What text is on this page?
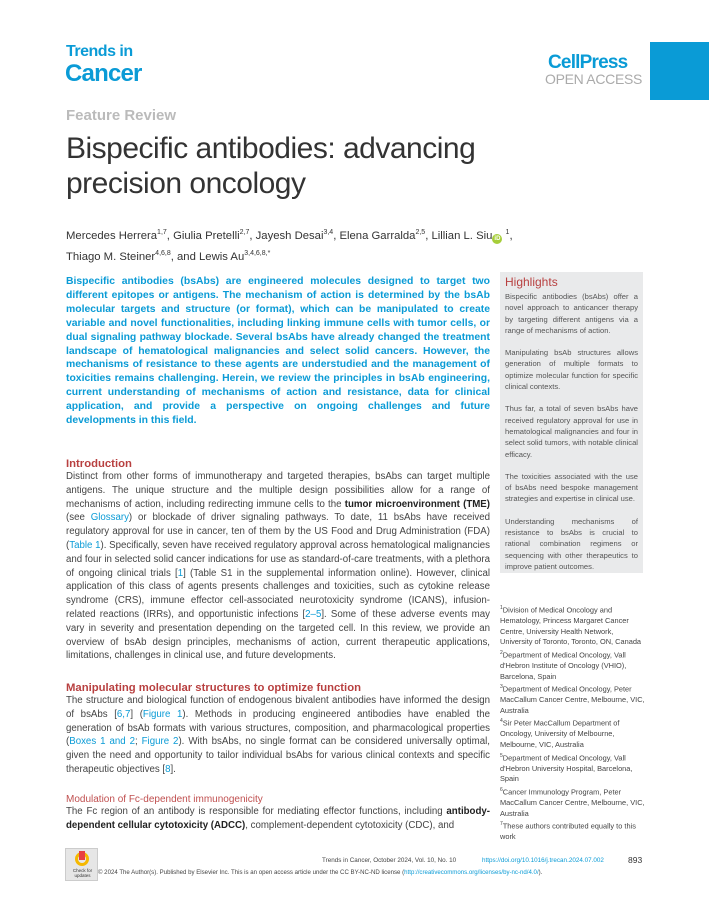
Trends in
Cancer	CellPress
OPEN ACCESS
Feature Review
Bispecific antibodies: advancing precision oncology
Mercedes Herrera$^{1,7}$, Giulia Pretelli$^{2,7}$, Jayesh Desai$^{3,4}$, Elena Garralda$^{2,5}$, Lillian L. Siu iD $^1$,
Thiago M. Steiner$^{4,6,8}$, and Lewis $Au^{3,4,6,8,*}$
Bispecific antibodies (bsAbs) are engineered molecules designed to target two different epitopes or antigens. The mechanism of action is determined by the bsAb molecular targets and structure (or format), which can be manipulated to create variable and novel functionalities, including linking immune cells with tumor cells, or dual signaling pathway blockade. Several bsAbs have already changed the treatment landscape of hematological malignancies and select solid cancers. However, the mechanisms of resistance to these agents are understudied and the management of toxicities remains challenging. Herein, we review the principles in bsAb engineering, current understanding of mechanisms of action and resistance, data for clinical application, and provide a perspective on ongoing challenges and future developments in this field.
Introduction

Distinct from other forms of immunotherapy and targeted therapies, bsAbs can target multiple antigens. The unique structure and the multiple design possibilities allow for a range of mechanisms of action, including redirecting immune cells to the tumor microenvironment (TME) (see Glossary) or blockade of driver signaling pathways. To date, 11 bsAbs have received regulatory approval for use in cancer, ten of them by the US Food and Drug Administration (FDA) (Table 1). Specifically, seven have received regulatory approval across hematological malignancies and four in selected solid cancer indications for use as standard-of-care treatments, with a plethora of ongoing clinical trials [1] (Table S1 in the supplemental information online). However, clinical application of this class of agents presents challenges and toxicities, such as cytokine release syndrome (CRS), immune effector cell-associated neurotoxicity syndrome (ICANS), infusion-related reactions (IRRs), and opportunistic infections [2–5]. Some of these adverse events may vary in severity and presentation depending on the targeted cell. In this review, we provide an overview of bsAb design principles, mechanisms of action, current therapeutic applications, limitations, challenges in clinical use, and future developments.

Manipulating molecular structures to optimize function

The structure and biological function of endogenous bivalent antibodies have informed the design of bsAbs [6,7] (Figure 1). Methods in producing engineered antibodies have enabled the generation of bsAb formats with various structures, composition, and pharmacological properties (Boxes 1 and 2; Figure 2). With bsAbs, no single format can be considered universally optimal, given the need and opportunity to tailor individual bsAbs for various clinical contexts and specific therapeutic objectives [8].

Modulation of Fc-dependent immunogenicity

The Fc region of an antibody is responsible for mediating effector functions, including antibody-dependent cellular cytotoxicity (ADCC), complement-dependent cytotoxicity (CDC), and

Highlights

Bispecific antibodies (bsAbs) offer a novel approach to anticancer therapy by targeting different antigens via a range of mechanisms of action.

Manipulating bsAb structures allows generation of multiple formats to optimize molecular function for specific clinical contexts.

Thus far, a total of seven bsAbs have received regulatory approval for use in hematological malignancies and four in select solid tumors, with notable clinical efficacy.

The toxicities associated with the use of bsAbs need bespoke management strategies and expertise in clinical use.

Understanding mechanisms of resistance to bsAbs is crucial to rational combination regimens or sequencing with other therapeutics to improve patient outcomes.

$^1$Division of Medical Oncology and Hematology, Princess Margaret Cancer Centre, University Health Network, University of Toronto, Toronto, ON, Canada
$^2$Department of Medical Oncology, Vall d'Hebron Institute of Oncology (VHIO), Barcelona, Spain
$^3$Department of Medical Oncology, Peter MacCallum Cancer Centre, Melbourne, VIC, Australia
$^4$Sir Peter MacCallum Department of Oncology, University of Melbourne, Melbourne, VIC, Australia
$^5$Department of Medical Oncology, Vall d'Hebron University Hospital, Barcelona, Spain
$^6$Cancer Immunology Program, Peter MacCallum Cancer Centre, Melbourne, VIC, Australia
$^7$These authors contributed equally to this work
Check for updates
Trends in Cancer, October 2024, Vol. 10, No. 10	https://doi.org/10.1016/j.trecan.2024.07.002	893
© 2024 The Author(s). Published by Elsevier Inc. This is an open access article under the CC BY-NC-ND license (http://creativecommons.org/licenses/by-nc-nd/4.0/).
